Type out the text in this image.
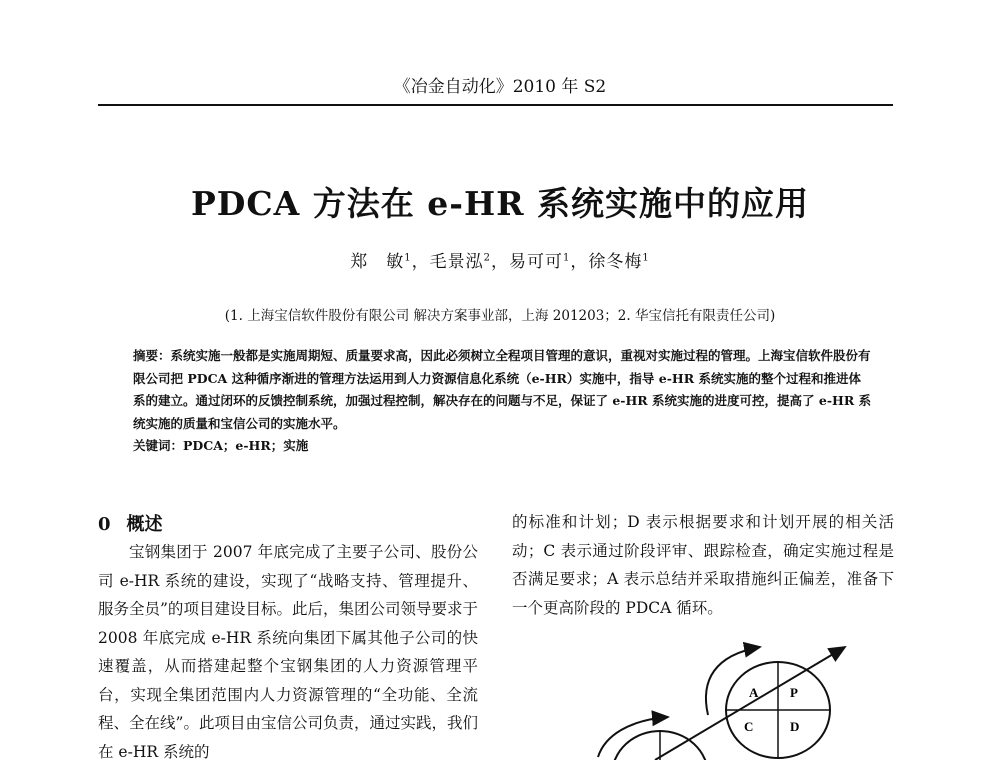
《冶金自动化》2010 年 S2
PDCA 方法在 e-HR 系统实施中的应用
郑　敏$^1$，毛景泓$^2$，易可可$^1$，徐冬梅$^1$
(1. 上海宝信软件股份有限公司 解决方案事业部，上海 201203；2. 华宝信托有限责任公司)

摘要：系统实施一般都是实施周期短、质量要求高，因此必须树立全程项目管理的意识，重视对实施过程的管理。上海宝信软件股份有限公司把 PDCA 这种循序渐进的管理方法运用到人力资源信息化系统（e-HR）实施中，指导 e-HR 系统实施的整个过程和推进体系的建立。通过闭环的反馈控制系统，加强过程控制，解决存在的问题与不足，保证了 e-HR 系统实施的进度可控，提高了 e-HR 系统实施的质量和宝信公司的实施水平。

关键词：PDCA；e-HR；实施

0 概述

宝钢集团于 2007 年底完成了主要子公司、股份公司 e-HR 系统的建设，实现了“战略支持、管理提升、服务全员”的项目建设目标。此后，集团公司领导要求于 2008 年底完成 e-HR 系统向集团下属其他子公司的快速覆盖，从而搭建起整个宝钢集团的人力资源管理平台，实现全集团范围内人力资源管理的“全功能、全流程、全在线”。此项目由宝信公司负责，通过实践，我们在 e-HR 系统的

的标准和计划；D 表示根据要求和计划开展的相关活动；C 表示通过阶段评审、跟踪检查，确定实施过程是否满足要求；A 表示总结并采取措施纠正偏差，准备下一个更高阶段的 PDCA 循环。

A P
C	D
